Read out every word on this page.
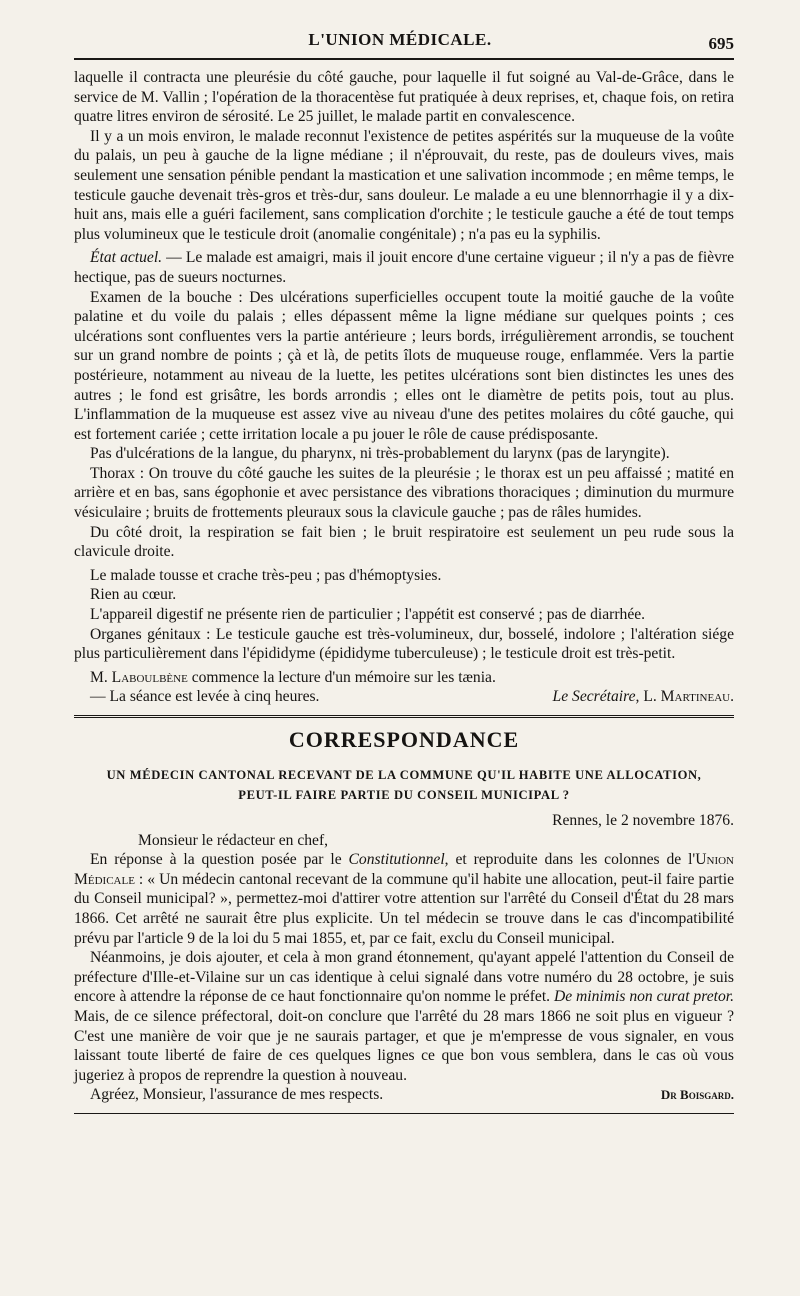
L'UNION MÉDICALE.	695

laquelle il contracta une pleurésie du côté gauche, pour laquelle il fut soigné au Val-de-Grâce, dans le service de M. Vallin ; l'opération de la thoracentèse fut pratiquée à deux reprises, et, chaque fois, on retira quatre litres environ de sérosité. Le 25 juillet, le malade partit en convalescence.

Il y a un mois environ, le malade reconnut l'existence de petites aspérités sur la muqueuse de la voûte du palais, un peu à gauche de la ligne médiane ; il n'éprouvait, du reste, pas de douleurs vives, mais seulement une sensation pénible pendant la mastication et une salivation incommode ; en même temps, le testicule gauche devenait très-gros et très-dur, sans douleur. Le malade a eu une blennorrhagie il y a dix-huit ans, mais elle a guéri facilement, sans complication d'orchite ; le testicule gauche a été de tout temps plus volumineux que le testicule droit (anomalie congénitale) ; n'a pas eu la syphilis.

État actuel. — Le malade est amaigri, mais il jouit encore d'une certaine vigueur ; il n'y a pas de fièvre hectique, pas de sueurs nocturnes.

Examen de la bouche : Des ulcérations superficielles occupent toute la moitié gauche de la voûte palatine et du voile du palais ; elles dépassent même la ligne médiane sur quelques points ; ces ulcérations sont confluentes vers la partie antérieure ; leurs bords, irrégulièrement arrondis, se touchent sur un grand nombre de points ; çà et là, de petits îlots de muqueuse rouge, enflammée. Vers la partie postérieure, notamment au niveau de la luette, les petites ulcérations sont bien distinctes les unes des autres ; le fond est grisâtre, les bords arrondis ; elles ont le diamètre de petits pois, tout au plus. L'inflammation de la muqueuse est assez vive au niveau d'une des petites molaires du côté gauche, qui est fortement cariée ; cette irritation locale a pu jouer le rôle de cause prédisposante.

Pas d'ulcérations de la langue, du pharynx, ni très-probablement du larynx (pas de laryngite).

Thorax : On trouve du côté gauche les suites de la pleurésie ; le thorax est un peu affaissé ; matité en arrière et en bas, sans égophonie et avec persistance des vibrations thoraciques ; diminution du murmure vésiculaire ; bruits de frottements pleuraux sous la clavicule gauche ; pas de râles humides.

Du côté droit, la respiration se fait bien ; le bruit respiratoire est seulement un peu rude sous la clavicule droite.

Le malade tousse et crache très-peu ; pas d'hémoptysies.

Rien au cœur.

L'appareil digestif ne présente rien de particulier ; l'appétit est conservé ; pas de diarrhée.

Organes génitaux : Le testicule gauche est très-volumineux, dur, bosselé, indolore ; l'altération siége plus particulièrement dans l'épididyme (épididyme tuberculeuse) ; le testicule droit est très-petit.

M. Laboulbène commence la lecture d'un mémoire sur les tænia.

— La séance est levée à cinq heures.	Le Secrétaire, L. Martineau.
CORRESPONDANCE

UN MÉDECIN CANTONAL RECEVANT DE LA COMMUNE QU'IL HABITE UNE ALLOCATION,

PEUT-IL FAIRE PARTIE DU CONSEIL MUNICIPAL ?

Rennes, le 2 novembre 1876.
Monsieur le rédacteur en chef,

En réponse à la question posée par le Constitutionnel, et reproduite dans les colonnes de l'Union Médicale : « Un médecin cantonal recevant de la commune qu'il habite une allocation, peut-il faire partie du Conseil municipal? », permettez-moi d'attirer votre attention sur l'arrêté du Conseil d'État du 28 mars 1866. Cet arrêté ne saurait être plus explicite. Un tel médecin se trouve dans le cas d'incompatibilité prévu par l'article 9 de la loi du 5 mai 1855, et, par ce fait, exclu du Conseil municipal.

Néanmoins, je dois ajouter, et cela à mon grand étonnement, qu'ayant appelé l'attention du Conseil de préfecture d'Ille-et-Vilaine sur un cas identique à celui signalé dans votre numéro du 28 octobre, je suis encore à attendre la réponse de ce haut fonctionnaire qu'on nomme le préfet. De minimis non curat pretor. Mais, de ce silence préfectoral, doit-on conclure que l'arrêté du 28 mars 1866 ne soit plus en vigueur ? C'est une manière de voir que je ne saurais partager, et que je m'empresse de vous signaler, en vous laissant toute liberté de faire de ces quelques lignes ce que bon vous semblera, dans le cas où vous jugeriez à propos de reprendre la question à nouveau.

Agréez, Monsieur, l'assurance de mes respects.	Dr Boisgard.
